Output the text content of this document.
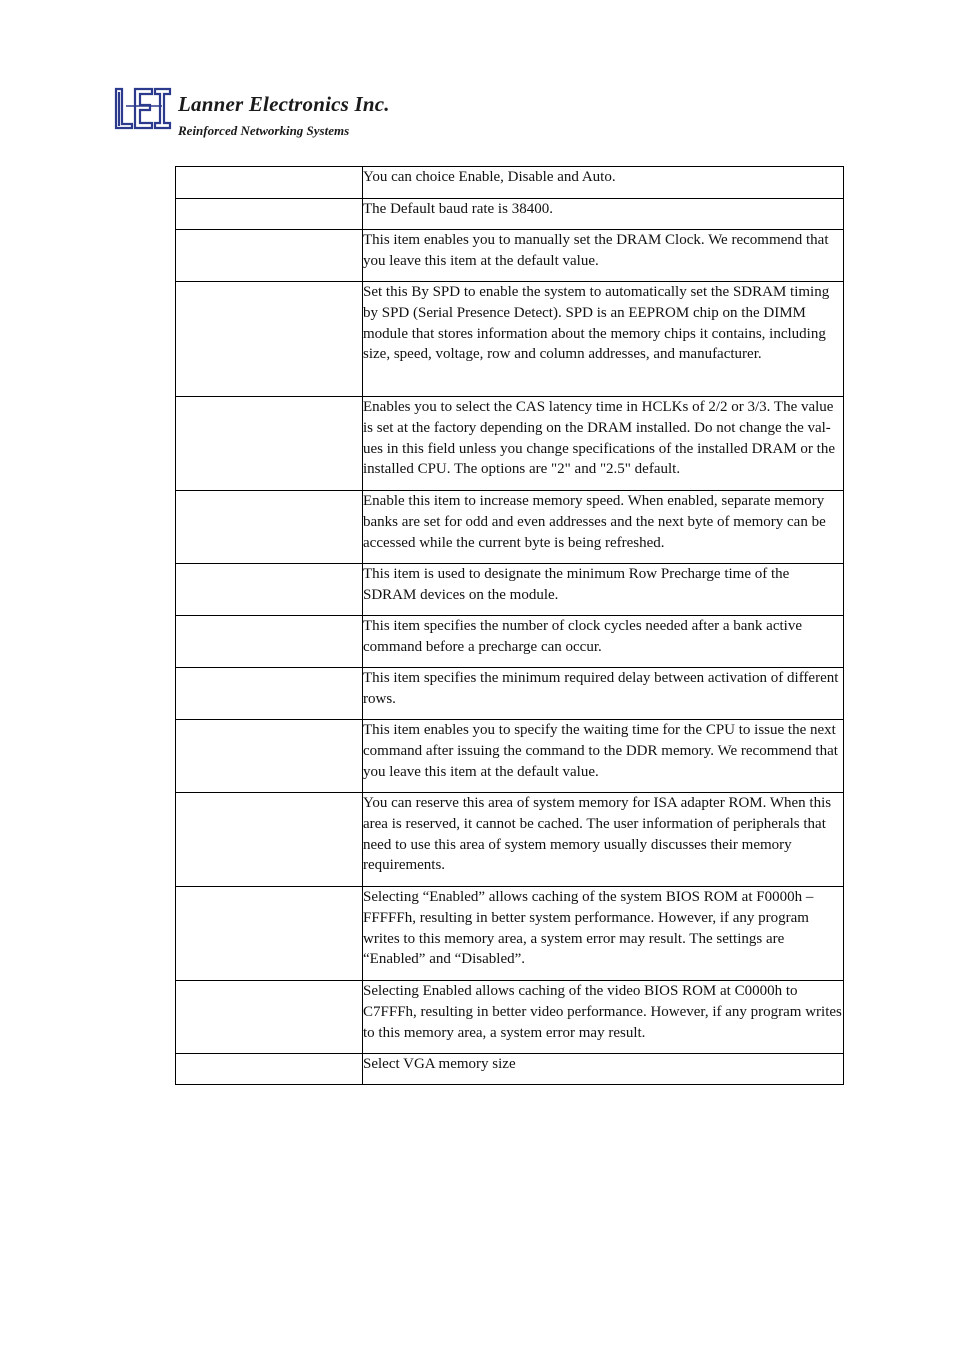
Lanner Electronics Inc.
Reinforced Networking Systems
	You can choice Enable, Disable and Auto.
	The Default baud rate is 38400.
	This item enables you to manually set the DRAM Clock. We recommend that you leave this item at the default value.
	Set this By SPD to enable the system to automatically set the SDRAM timing by SPD (Serial Presence Detect). SPD is an EEPROM chip on the DIMM module that stores information about the memory chips it contains, including size, speed, voltage, row and column addresses, and manufacturer.
	Enables you to select the CAS latency time in HCLKs of 2/2 or 3/3. The value is set at the factory depending on the DRAM installed. Do not change the val-ues in this field unless you change specifications of the installed DRAM or the installed CPU. The options are "2" and "2.5" default.
	Enable this item to increase memory speed. When enabled, separate memory banks are set for odd and even addresses and the next byte of memory can be accessed while the current byte is being refreshed.
	This item is used to designate the minimum Row Precharge time of the SDRAM devices on the module.
	This item specifies the number of clock cycles needed after a bank active command before a precharge can occur.
	This item specifies the minimum required delay between activation of different rows.
	This item enables you to specify the waiting time for the CPU to issue the next command after issuing the command to the DDR memory. We recommend that you leave this item at the default value.
	You can reserve this area of system memory for ISA adapter ROM. When this area is reserved, it cannot be cached. The user information of peripherals that need to use this area of system memory usually discusses their memory requirements.
	Selecting “Enabled” allows caching of the system BIOS ROM at F0000h – FFFFFh, resulting in better system performance. However, if any program writes to this memory area, a system error may result. The settings are “Enabled” and “Disabled”.
	Selecting Enabled allows caching of the video BIOS ROM at C0000h to C7FFFh, resulting in better video performance. However, if any program writes to this memory area, a system error may result.
	Select VGA memory size
